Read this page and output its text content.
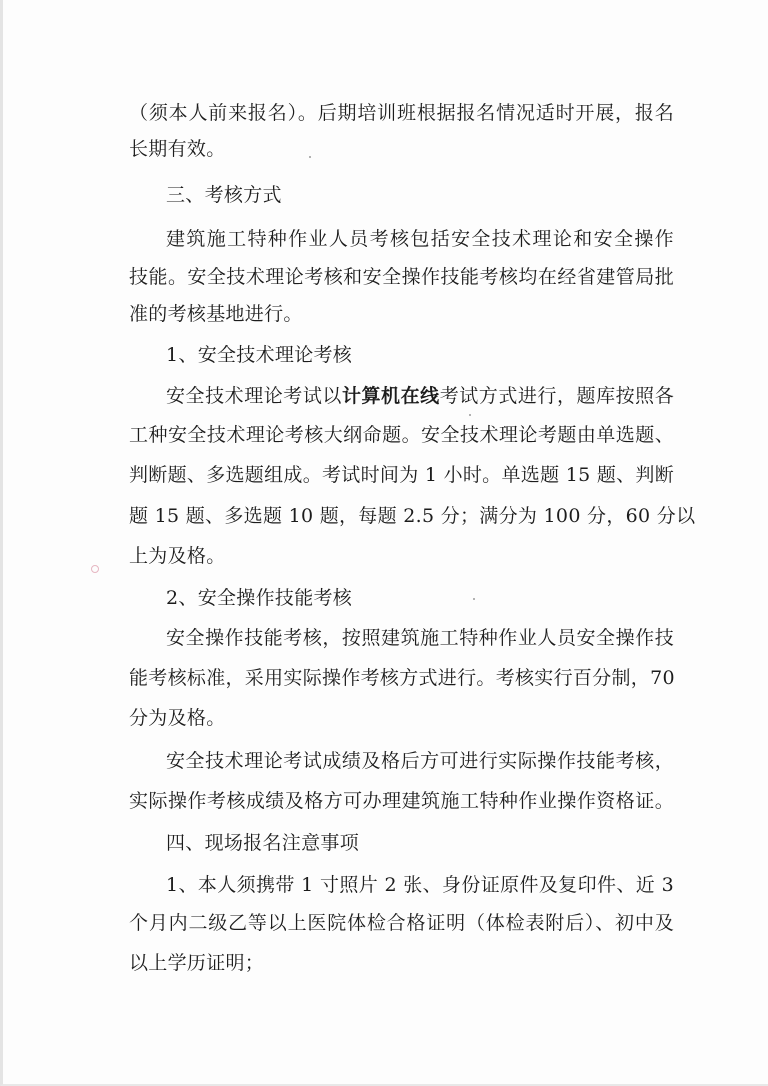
（须本人前来报名）。后期培训班根据报名情况适时开展，报名
长期有效。
三、考核方式
建筑施工特种作业人员考核包括安全技术理论和安全操作
技能。安全技术理论考核和安全操作技能考核均在经省建管局批
准的考核基地进行。
1、安全技术理论考核
安全技术理论考试以计算机在线考试方式进行，题库按照各
工种安全技术理论考核大纲命题。安全技术理论考题由单选题、
判断题、多选题组成。考试时间为 1 小时。单选题 15 题、判断
题 15 题、多选题 10 题，每题 2.5 分；满分为 100 分，60 分以
上为及格。
2、安全操作技能考核
安全操作技能考核，按照建筑施工特种作业人员安全操作技
能考核标准，采用实际操作考核方式进行。考核实行百分制，70
分为及格。
安全技术理论考试成绩及格后方可进行实际操作技能考核，
实际操作考核成绩及格方可办理建筑施工特种作业操作资格证。
四、现场报名注意事项
1、本人须携带 1 寸照片 2 张、身份证原件及复印件、近 3
个月内二级乙等以上医院体检合格证明（体检表附后）、初中及
以上学历证明；
